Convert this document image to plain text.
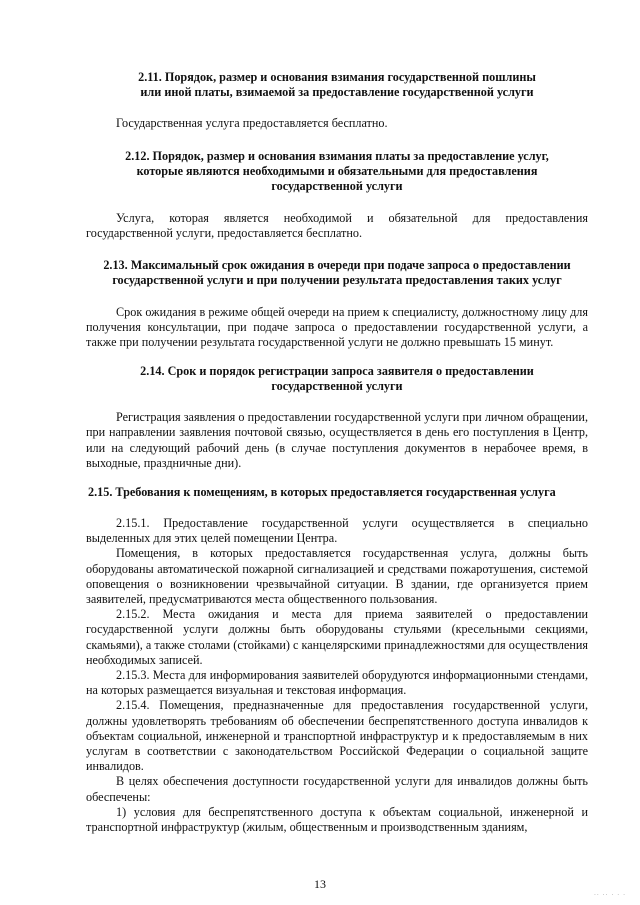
2.11. Порядок, размер и основания взимания государственной пошлины
или иной платы, взимаемой за предоставление государственной услуги

Государственная услуга предоставляется бесплатно.

2.12. Порядок, размер и основания взимания платы за предоставление услуг,
которые являются необходимыми и обязательными для предоставления
государственной услуги

Услуга, которая является необходимой и обязательной для предоставления государственной услуги, предоставляется бесплатно.

2.13. Максимальный срок ожидания в очереди при подаче запроса о предоставлении
государственной услуги и при получении результата предоставления таких услуг

Срок ожидания в режиме общей очереди на прием к специалисту, должностному лицу для получения консультации, при подаче запроса о предоставлении государственной услуги, а также при получении результата государственной услуги не должно превышать 15 минут.

2.14. Срок и порядок регистрации запроса заявителя о предоставлении
государственной услуги

Регистрация заявления о предоставлении государственной услуги при личном обращении, при направлении заявления почтовой связью, осуществляется в день его поступления в Центр, или на следующий рабочий день (в случае поступления документов в нерабочее время, в выходные, праздничные дни).

2.15. Требования к помещениям, в которых предоставляется государственная услуга

2.15.1. Предоставление государственной услуги осуществляется в специально выделенных для этих целей помещении Центра.

Помещения, в которых предоставляется государственная услуга, должны быть оборудованы автоматической пожарной сигнализацией и средствами пожаротушения, системой оповещения о возникновении чрезвычайной ситуации. В здании, где организуется прием заявителей, предусматриваются места общественного пользования.

2.15.2. Места ожидания и места для приема заявителей о предоставлении государственной услуги должны быть оборудованы стульями (кресельными секциями, скамьями), а также столами (стойками) с канцелярскими принадлежностями для осуществления необходимых записей.

2.15.3. Места для информирования заявителей оборудуются информационными стендами, на которых размещается визуальная и текстовая информация.

2.15.4. Помещения, предназначенные для предоставления государственной услуги, должны удовлетворять требованиям об обеспечении беспрепятственного доступа инвалидов к объектам социальной, инженерной и транспортной инфраструктур и к предоставляемым в них услугам в соответствии с законодательством Российской Федерации о социальной защите инвалидов.

В целях обеспечения доступности государственной услуги для инвалидов должны быть обеспечены:

1) условия для беспрепятственного доступа к объектам социальной, инженерной и транспортной инфраструктур (жилым, общественным и производственным зданиям,

13
·· ·· · · ·
